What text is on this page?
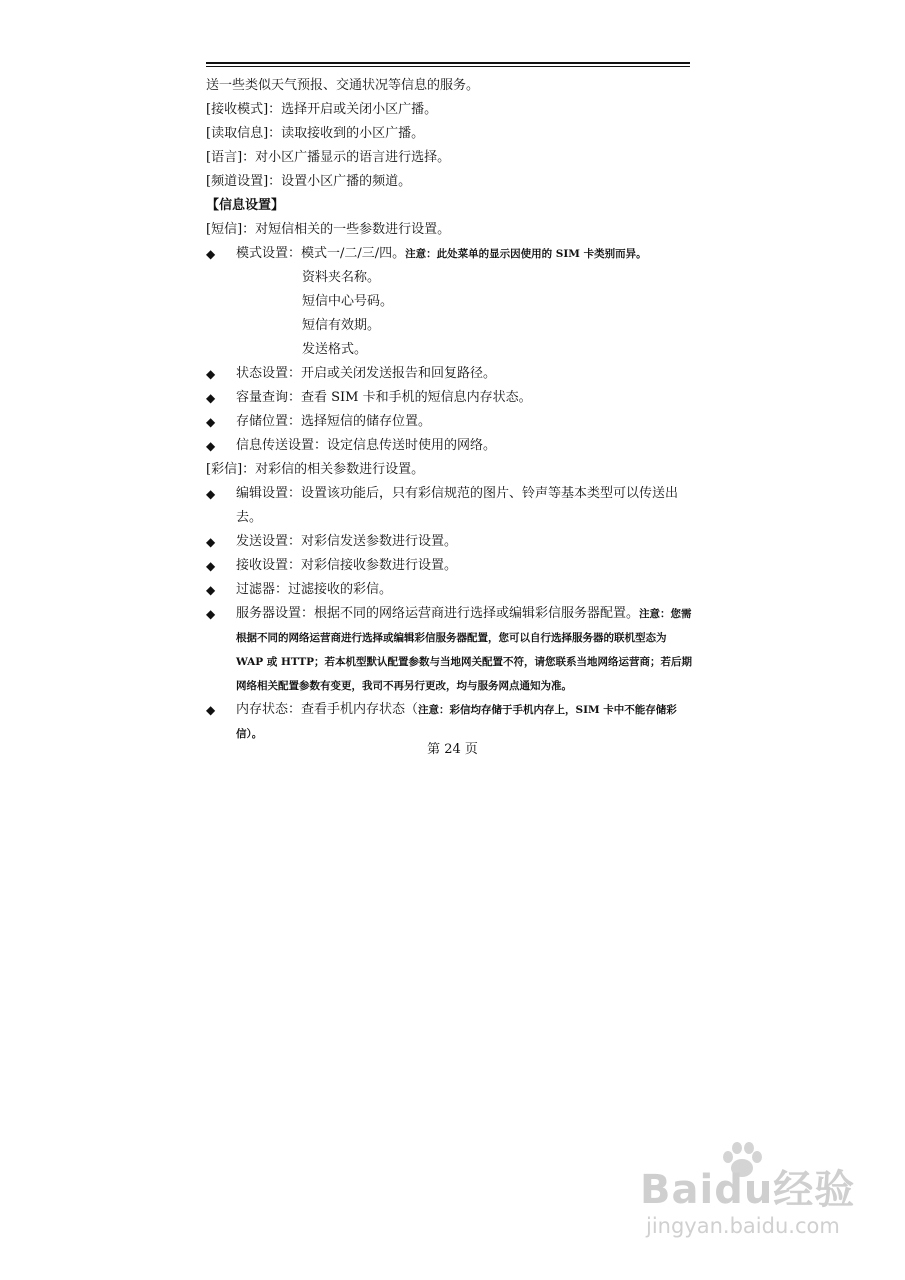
送一些类似天气预报、交通状况等信息的服务。
[接收模式]：选择开启或关闭小区广播。
[读取信息]：读取接收到的小区广播。
[语言]：对小区广播显示的语言进行选择。
[频道设置]：设置小区广播的频道。
【信息设置】
[短信]：对短信相关的一些参数进行设置。
◆	模式设置：模式一/二/三/四。注意：此处菜单的显示因使用的 SIM 卡类别而异。
资料夹名称。
短信中心号码。
短信有效期。
发送格式。
◆	状态设置：开启或关闭发送报告和回复路径。
◆	容量查询：查看 SIM 卡和手机的短信息内存状态。
◆	存储位置：选择短信的储存位置。
◆	信息传送设置：设定信息传送时使用的网络。
[彩信]：对彩信的相关参数进行设置。
◆	编辑设置：设置该功能后，只有彩信规范的图片、铃声等基本类型可以传送出去。
◆	发送设置：对彩信发送参数进行设置。
◆	接收设置：对彩信接收参数进行设置。
◆	过滤器：过滤接收的彩信。
◆	服务器设置：根据不同的网络运营商进行选择或编辑彩信服务器配置。注意：您需根据不同的网络运营商进行选择或编辑彩信服务器配置，您可以自行选择服务器的联机型态为 WAP 或 HTTP；若本机型默认配置参数与当地网关配置不符，请您联系当地网络运营商；若后期网络相关配置参数有变更，我司不再另行更改，均与服务网点通知为准。
◆	内存状态：查看手机内存状态（注意：彩信均存储于手机内存上，SIM 卡中不能存储彩信）。
第 24 页
Baidu经验
jingyan.baidu.com
